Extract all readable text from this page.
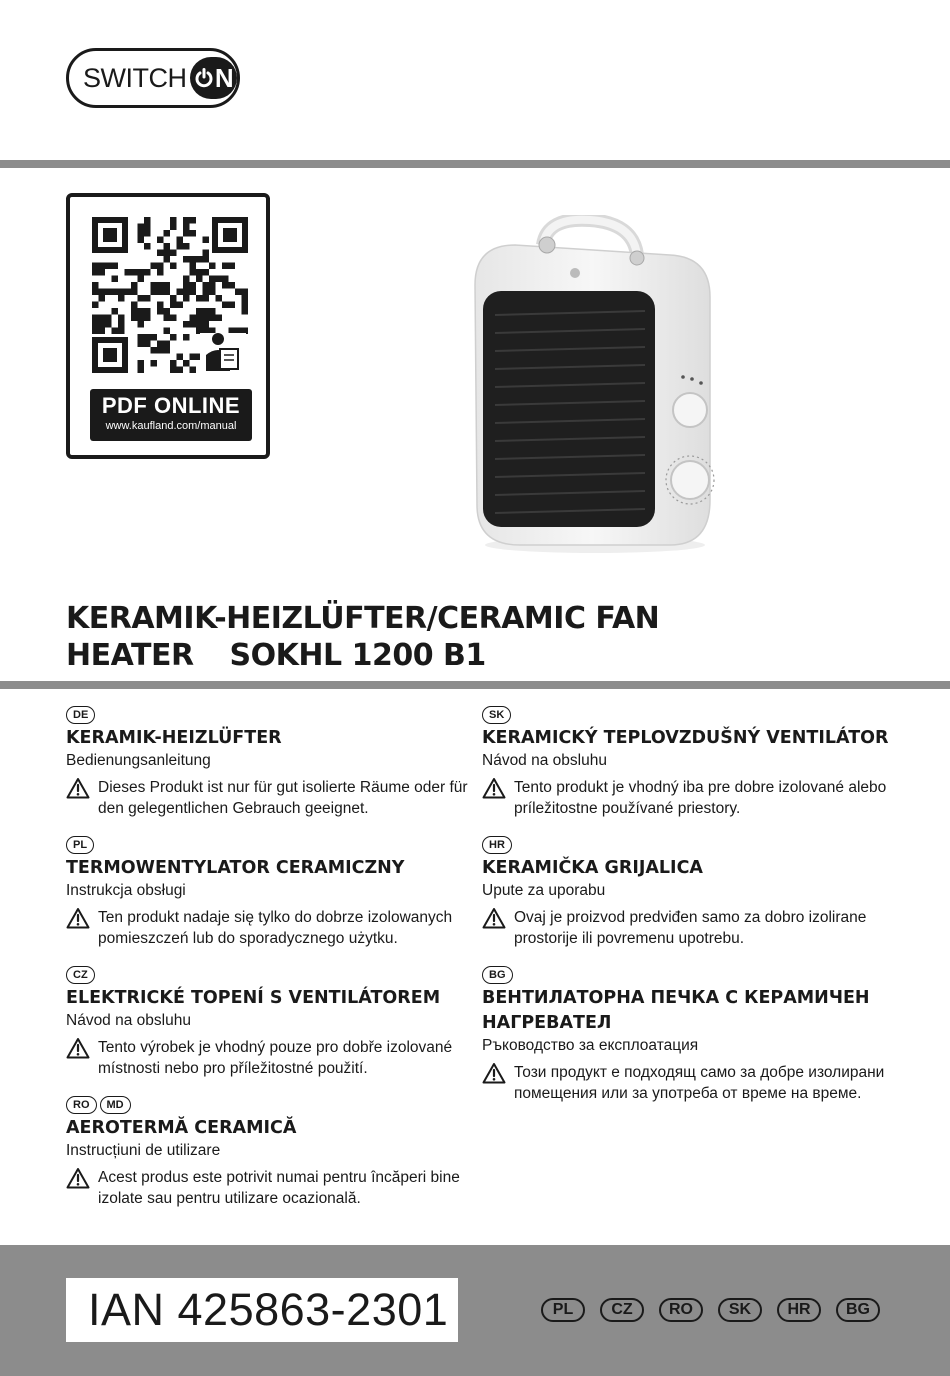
SWITCH N
PDF ONLINE
www.kaufland.com/manual
KERAMIK-HEIZLÜFTER/CERAMIC FAN
HEATER SOKHL 1200 B1
DE
KERAMIK-HEIZLÜFTER
Bedienungsanleitung
Dieses Produkt ist nur für gut isolierte Räume oder für den gelegentlichen Gebrauch geeignet.
PL
TERMOWENTYLATOR CERAMICZNY
Instrukcja obsługi
Ten produkt nadaje się tylko do dobrze izolowanych pomieszczeń lub do sporadycznego użytku.
CZ
ELEKTRICKÉ TOPENÍ S VENTILÁTOREM
Návod na obsluhu
Tento výrobek je vhodný pouze pro dobře izolované místnosti nebo pro příležitostné použití.
RO MD
AEROTERMĂ CERAMICĂ
Instrucțiuni de utilizare
Acest produs este potrivit numai pentru încăperi bine izolate sau pentru utilizare ocazională.
SK
KERAMICKÝ TEPLOVZDUŠNÝ VENTILÁTOR
Návod na obsluhu
Tento produkt je vhodný iba pre dobre izolované alebo príležitostne používané priestory.
HR
KERAMIČKA GRIJALICA
Upute za uporabu
Ovaj je proizvod predviđen samo za dobro izolirane prostorije ili povremenu upotrebu.
BG
ВЕНТИЛАТОРНА ПЕЧКА С КЕРАМИЧЕН НАГРЕВАТЕЛ
Ръководство за експлоатация
Този продукт е подходящ само за добре изолирани помещения или за употреба от време на време.
IAN 425863-2301	PL	CZ	RO	SK	HR	BG
